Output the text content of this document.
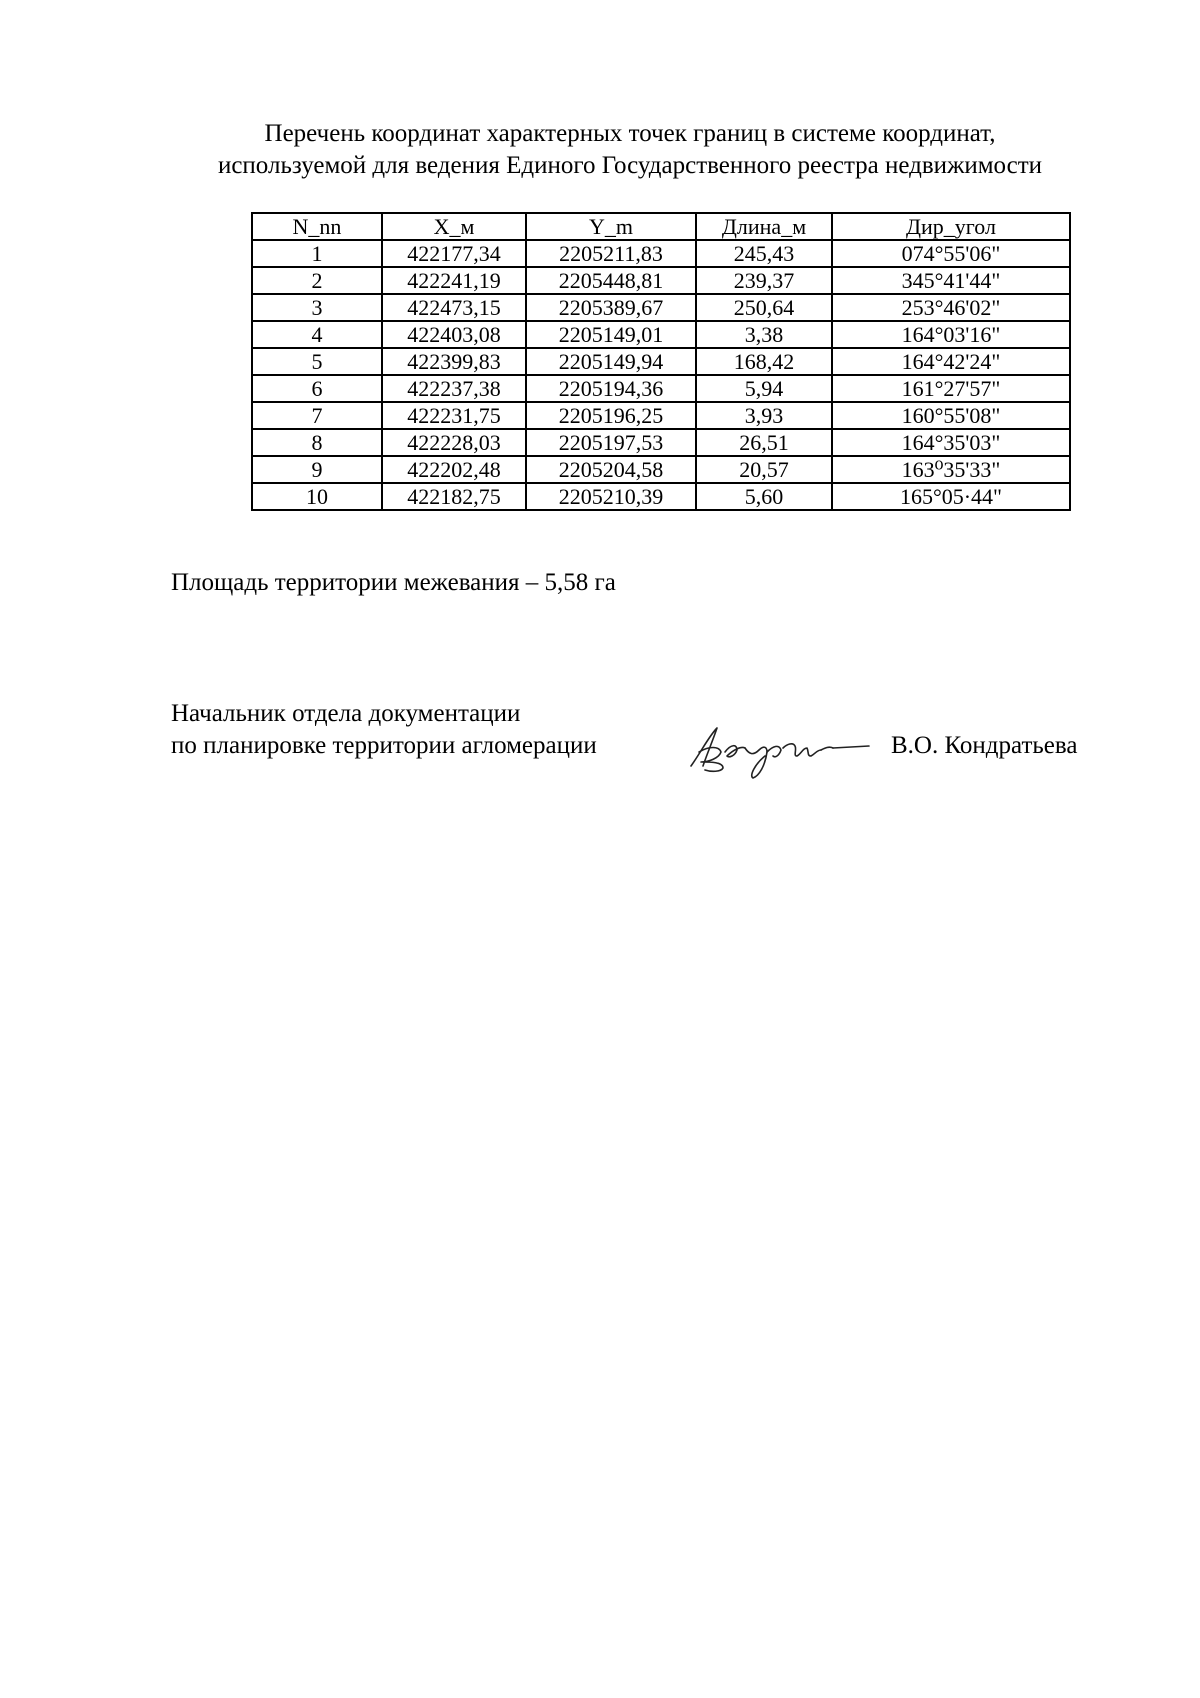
Перечень координат характерных точек границ в системе координат,
используемой для ведения Единого Государственного реестра недвижимости
N_nn	X_м	Y_m	Длина_м	Дир_угол
1	422177,34	2205211,83	245,43	074°55'06"
2	422241,19	2205448,81	239,37	345°41'44"
3	422473,15	2205389,67	250,64	253°46'02"
4	422403,08	2205149,01	3,38	164°03'16"
5	422399,83	2205149,94	168,42	164°42'24"
6	422237,38	2205194,36	5,94	161°27'57"
7	422231,75	2205196,25	3,93	160°55'08"
8	422228,03	2205197,53	26,51	164°35'03"
9	422202,48	2205204,58	20,57	163⁰35'33"
10	422182,75	2205210,39	5,60	165°05·44"

Площадь территории межевания – 5,58 га

Начальник отдела документации
по планировке территории агломерации	В.О. Кондратьева
